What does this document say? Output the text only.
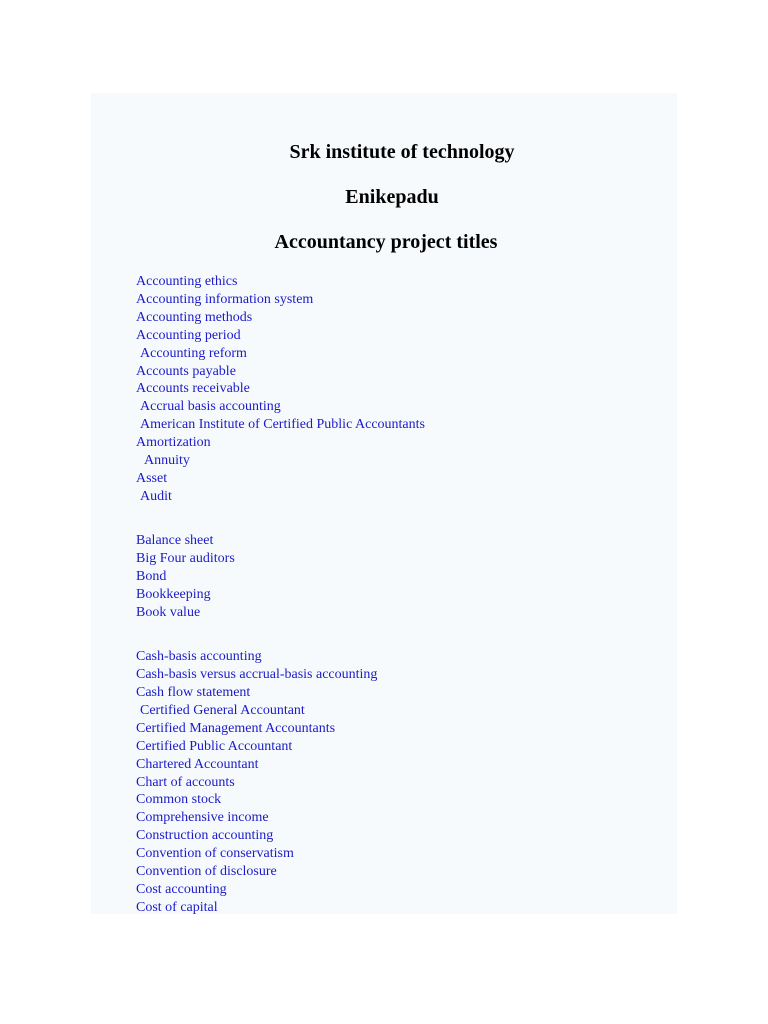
Srk institute of technology
Enikepadu
Accountancy project titles
Accounting ethics
Accounting information system
Accounting methods
Accounting period
Accounting reform
Accounts payable
Accounts receivable
Accrual basis accounting
American Institute of Certified Public Accountants
Amortization
Annuity
Asset
Audit
Balance sheet
Big Four auditors
Bond
Bookkeeping
Book value
Cash-basis accounting
Cash-basis versus accrual-basis accounting
Cash flow statement
Certified General Accountant
Certified Management Accountants
Certified Public Accountant
Chartered Accountant
Chart of accounts
Common stock
Comprehensive income
Construction accounting
Convention of conservatism
Convention of disclosure
Cost accounting
Cost of capital
